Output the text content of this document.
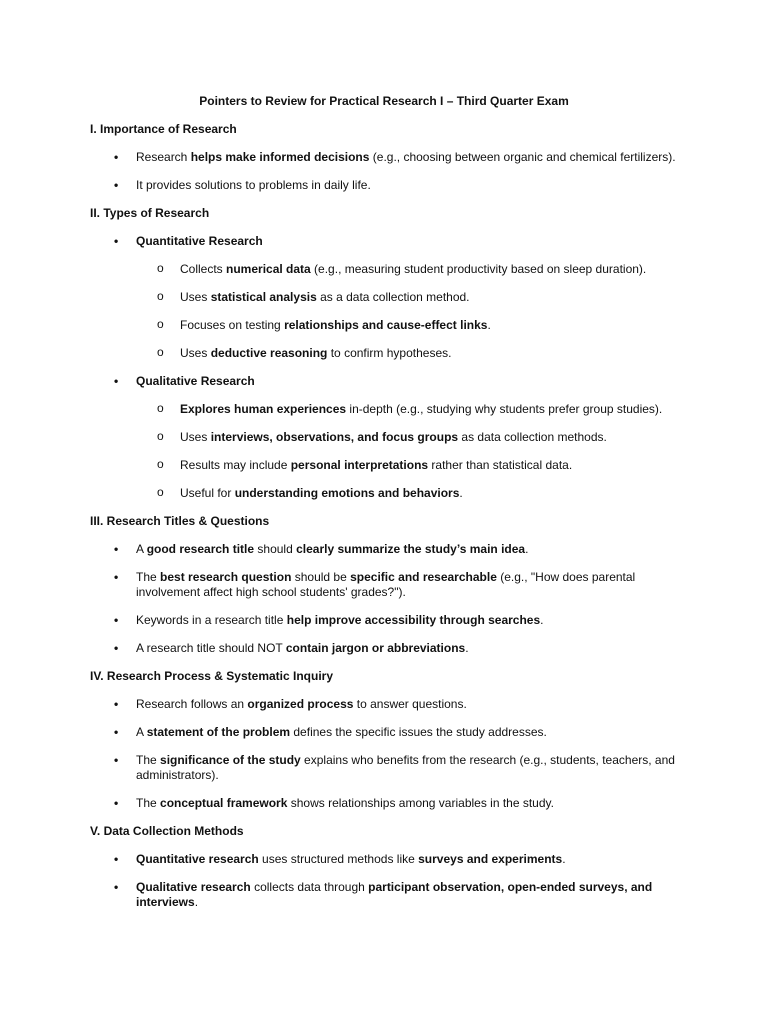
Pointers to Review for Practical Research I – Third Quarter Exam
I. Importance of Research
• Research helps make informed decisions (e.g., choosing between organic and chemical fertilizers).
• It provides solutions to problems in daily life.
II. Types of Research
• Quantitative Research
o Collects numerical data (e.g., measuring student productivity based on sleep duration).
o Uses statistical analysis as a data collection method.
o Focuses on testing relationships and cause-effect links.
o Uses deductive reasoning to confirm hypotheses.
• Qualitative Research
o Explores human experiences in-depth (e.g., studying why students prefer group studies).
o Uses interviews, observations, and focus groups as data collection methods.
o Results may include personal interpretations rather than statistical data.
o Useful for understanding emotions and behaviors.
III. Research Titles & Questions
• A good research title should clearly summarize the study’s main idea.
• The best research question should be specific and researchable (e.g., "How does parental involvement affect high school students' grades?").
• Keywords in a research title help improve accessibility through searches.
• A research title should NOT contain jargon or abbreviations.
IV. Research Process & Systematic Inquiry
• Research follows an organized process to answer questions.
• A statement of the problem defines the specific issues the study addresses.
• The significance of the study explains who benefits from the research (e.g., students, teachers, and administrators).
• The conceptual framework shows relationships among variables in the study.
V. Data Collection Methods
• Quantitative research uses structured methods like surveys and experiments.
• Qualitative research collects data through participant observation, open-ended surveys, and interviews.
